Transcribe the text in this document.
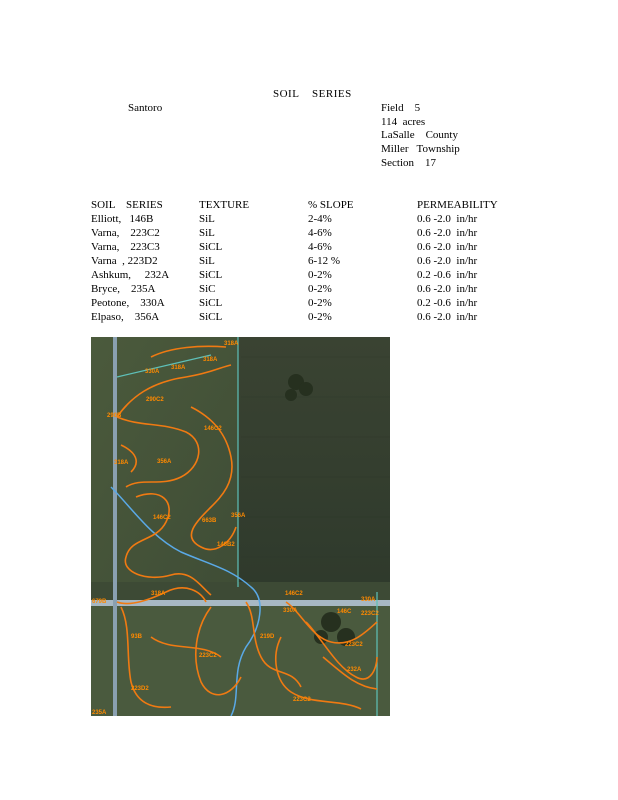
SOIL    SERIES
Santoro	Field    5
114  acres
LaSalle    County
Miller   Township
Section    17
SOIL    SERIES	TEXTURE	% SLOPE	PERMEABILITY
Elliott,   146B	SiL	2-4%	0.6 -2.0  in/hr
Varna,    223C2	SiL	4-6%	0.6 -2.0  in/hr
Varna,    223C3	SiCL	4-6%	0.6 -2.0  in/hr
Varna  , 223D2	SiL	6-12 %	0.6 -2.0  in/hr
Ashkum,     232A	SiCL	0-2%	0.2 -0.6  in/hr
Bryce,    235A	SiC	0-2%	0.6 -2.0  in/hr
Peotone,    330A	SiCL	0-2%	0.2 -0.6  in/hr
Elpaso,    356A	SiCL	0-2%	0.6 -2.0  in/hr
318A
318A
330A
318A
290B
290C2
146C2
318A	356A
146C2	663B
356A
146B2
318A
679B
93B
223C2
223D2
235A
146C2
330A	146C
223C2
232A
223C2
219D
330A
223C2
